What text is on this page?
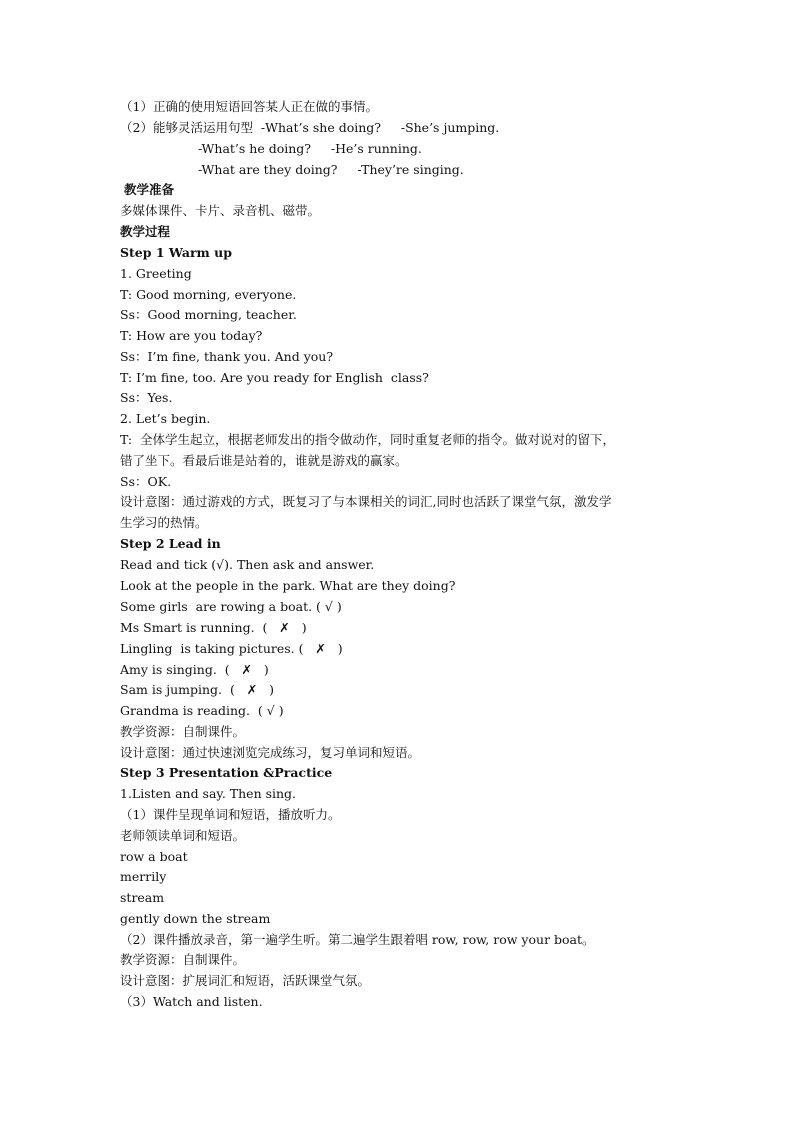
（1）正确的使用短语回答某人正在做的事情。
（2）能够灵活运用句型  -What’s she doing?     -She’s jumping.
-What’s he doing?     -He’s running.
-What are they doing?     -They’re singing.
教学准备
多媒体课件、卡片、录音机、磁带。
教学过程
Step 1 Warm up
1. Greeting
T: Good morning, everyone.
Ss：Good morning, teacher.
T: How are you today?
Ss：I’m fine, thank you. And you?
T: I’m fine, too. Are you ready for English  class?
Ss：Yes.
2. Let’s begin.
T:  全体学生起立，根据老师发出的指令做动作，同时重复老师的指令。做对说对的留下，
错了坐下。看最后谁是站着的，谁就是游戏的赢家。
Ss：OK.
设计意图：通过游戏的方式，既复习了与本课相关的词汇,同时也活跃了课堂气氛，激发学
生学习的热情。
Step 2 Lead in
Read and tick (√). Then ask and answer.
Look at the people in the park. What are they doing?
Some girls  are rowing a boat. ( √ )
Ms Smart is running.  (   ✗   )
Lingling  is taking pictures. (   ✗   )
Amy is singing.  (   ✗   )
Sam is jumping.  (   ✗   )
Grandma is reading.  ( √ )
教学资源：自制课件。
设计意图：通过快速浏览完成练习，复习单词和短语。
Step 3 Presentation &Practice
1.Listen and say. Then sing.
（1）课件呈现单词和短语，播放听力。
老师领读单词和短语。
row a boat
merrily
stream
gently down the stream
（2）课件播放录音，第一遍学生听。第二遍学生跟着唱 row, row, row your boat。
教学资源：自制课件。
设计意图：扩展词汇和短语，活跃课堂气氛。
（3）Watch and listen.
